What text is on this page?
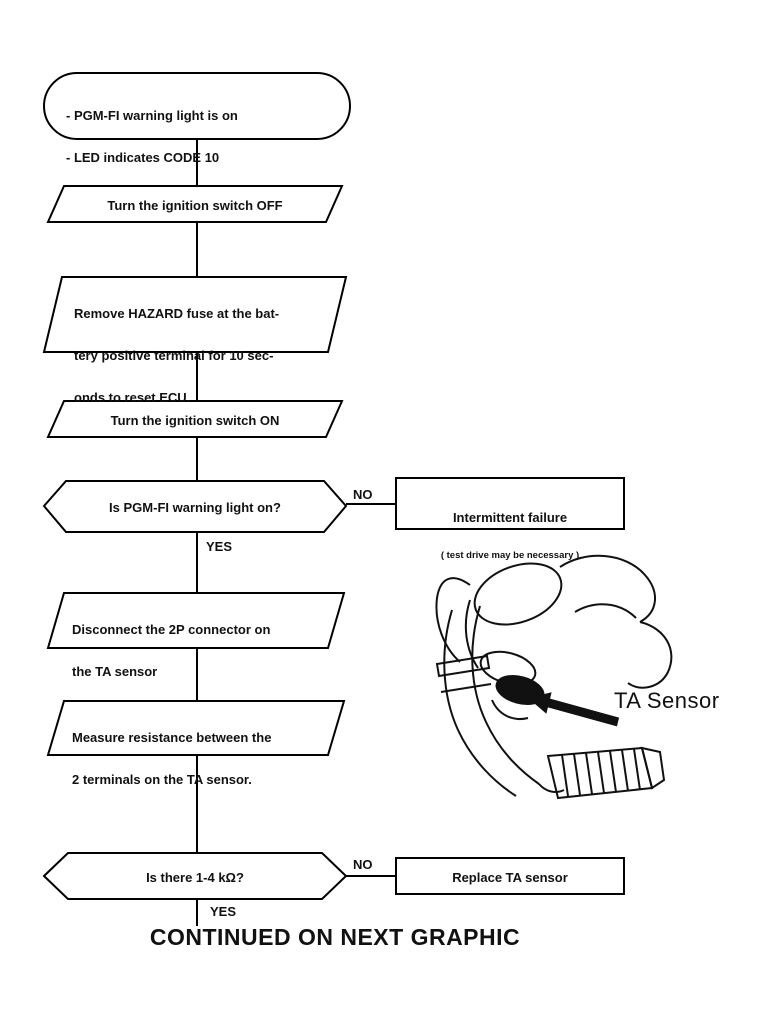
- PGM-FI warning light is on

- LED indicates CODE 10

Turn the ignition switch OFF

Remove HAZARD fuse at the bat-

tery positive terminal for 10 sec-

onds to reset ECU.

Turn the ignition switch ON
Is PGM-FI warning light on?
NO

Intermittent failure

( test drive may be necessary )

YES

Disconnect the 2P connector on

the TA sensor

Measure resistance between the

2 terminals on the TA sensor.

TA Sensor
Is there 1-4 kΩ?
NO
Replace TA sensor
YES
CONTINUED ON NEXT GRAPHIC
